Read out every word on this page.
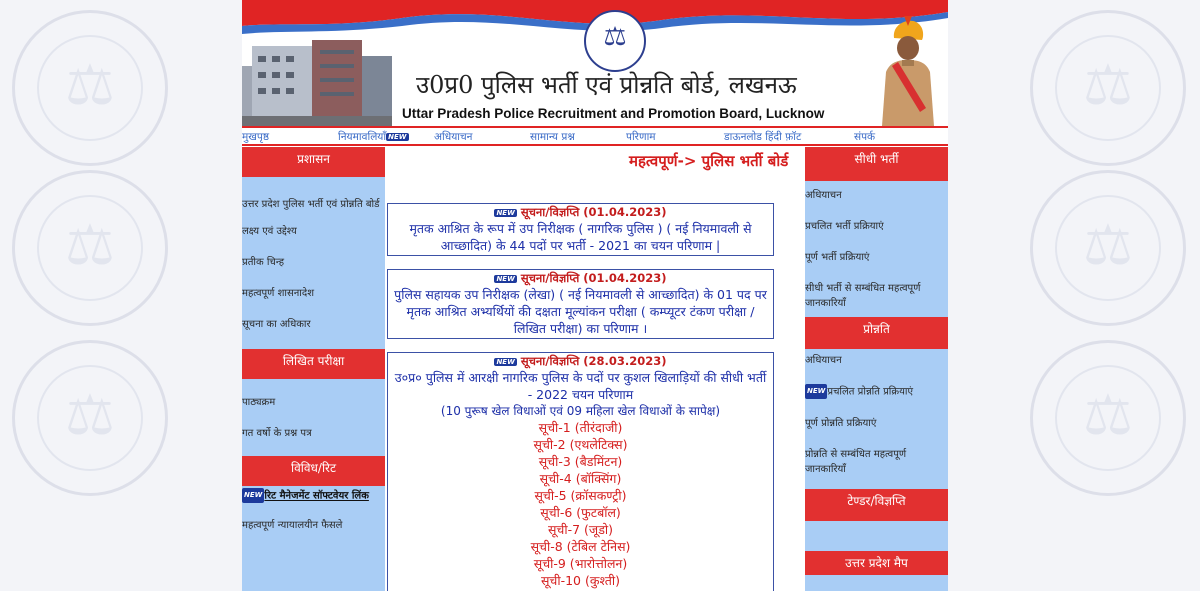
⚖
⚖
⚖
⚖
⚖
⚖
⚖
उ0प्र0 पुलिस भर्ती एवं प्रोन्नति बोर्ड, लखनऊ
Uttar Pradesh Police Recruitment and Promotion Board, Lucknow
मुखपृष्ठ	नियमावलियाँ NEW	अधियाचन	सामान्य प्रश्न	परिणाम	डाऊनलोड हिंदी फ़ॉट	संपर्क
प्रशासन
उत्तर प्रदेश पुलिस भर्ती एवं प्रोन्नति बोर्ड
लक्ष्य एवं उद्देश्य
प्रतीक चिन्ह
महत्वपूर्ण शासनादेश
सूचना का अधिकार
लिखित परीक्षा
पाठ्यक्रम
गत वर्षो के प्रश्न पत्र
विविध/रिट
NEW रिट मैनेजमेंट सॉफ्टवेयर लिंक
महत्वपूर्ण न्यायालयीन फैसले
महत्वपूर्ण-> पुलिस भर्ती बोर्ड
NEW सूचना/विज्ञप्ति (01.04.2023)
मृतक आश्रित के रूप में उप निरीक्षक ( नागरिक पुलिस ) ( नई नियमावली से आच्छादित) के 44 पदों पर भर्ती - 2021 का चयन परिणाम |
NEW सूचना/विज्ञप्ति (01.04.2023)
पुलिस सहायक उप निरीक्षक (लेखा) ( नई नियमावली से आच्छादित) के 01 पद पर मृतक आश्रित अभ्यर्थियों की दक्षता मूल्यांकन परीक्षा ( कम्प्यूटर टंकण परीक्षा / लिखित परीक्षा) का परिणाम ।
NEW सूचना/विज्ञप्ति (28.03.2023)
उ०प्र० पुलिस में आरक्षी नागरिक पुलिस के पदों पर कुशल खिलाड़ियों की सीधी भर्ती - 2022 चयन परिणाम
(10 पुरूष खेल विधाओं एवं 09 महिला खेल विधाओं के सापेक्ष)
सूची-1 (तीरंदाजी)
सूची-2 (एथलेटिक्स)
सूची-3 (बैडमिंटन)
सूची-4 (बॉक्सिंग)
सूची-5 (क्रॉसकण्ट्री)
सूची-6 (फुटबॉल)
सूची-7 (जूडो)
सूची-8 (टेबिल टेनिस)
सूची-9 (भारोत्तोलन)
सूची-10 (कुश्ती)
सीधी भर्ती
अधियाचन
प्रचलित भर्ती प्रक्रियाएं
पूर्ण भर्ती प्रक्रियाएं
सीधी भर्ती से सम्बंधित महत्वपूर्ण जानकारियाँ
प्रोन्नति
अधियाचन
NEW प्रचलित प्रोन्नति प्रक्रियाएं
पूर्ण प्रोन्नति प्रक्रियाएं
प्रोन्नति से सम्बंधित महत्वपूर्ण जानकारियाँ
टेण्डर/विज्ञप्ति
उत्तर प्रदेश मैप
